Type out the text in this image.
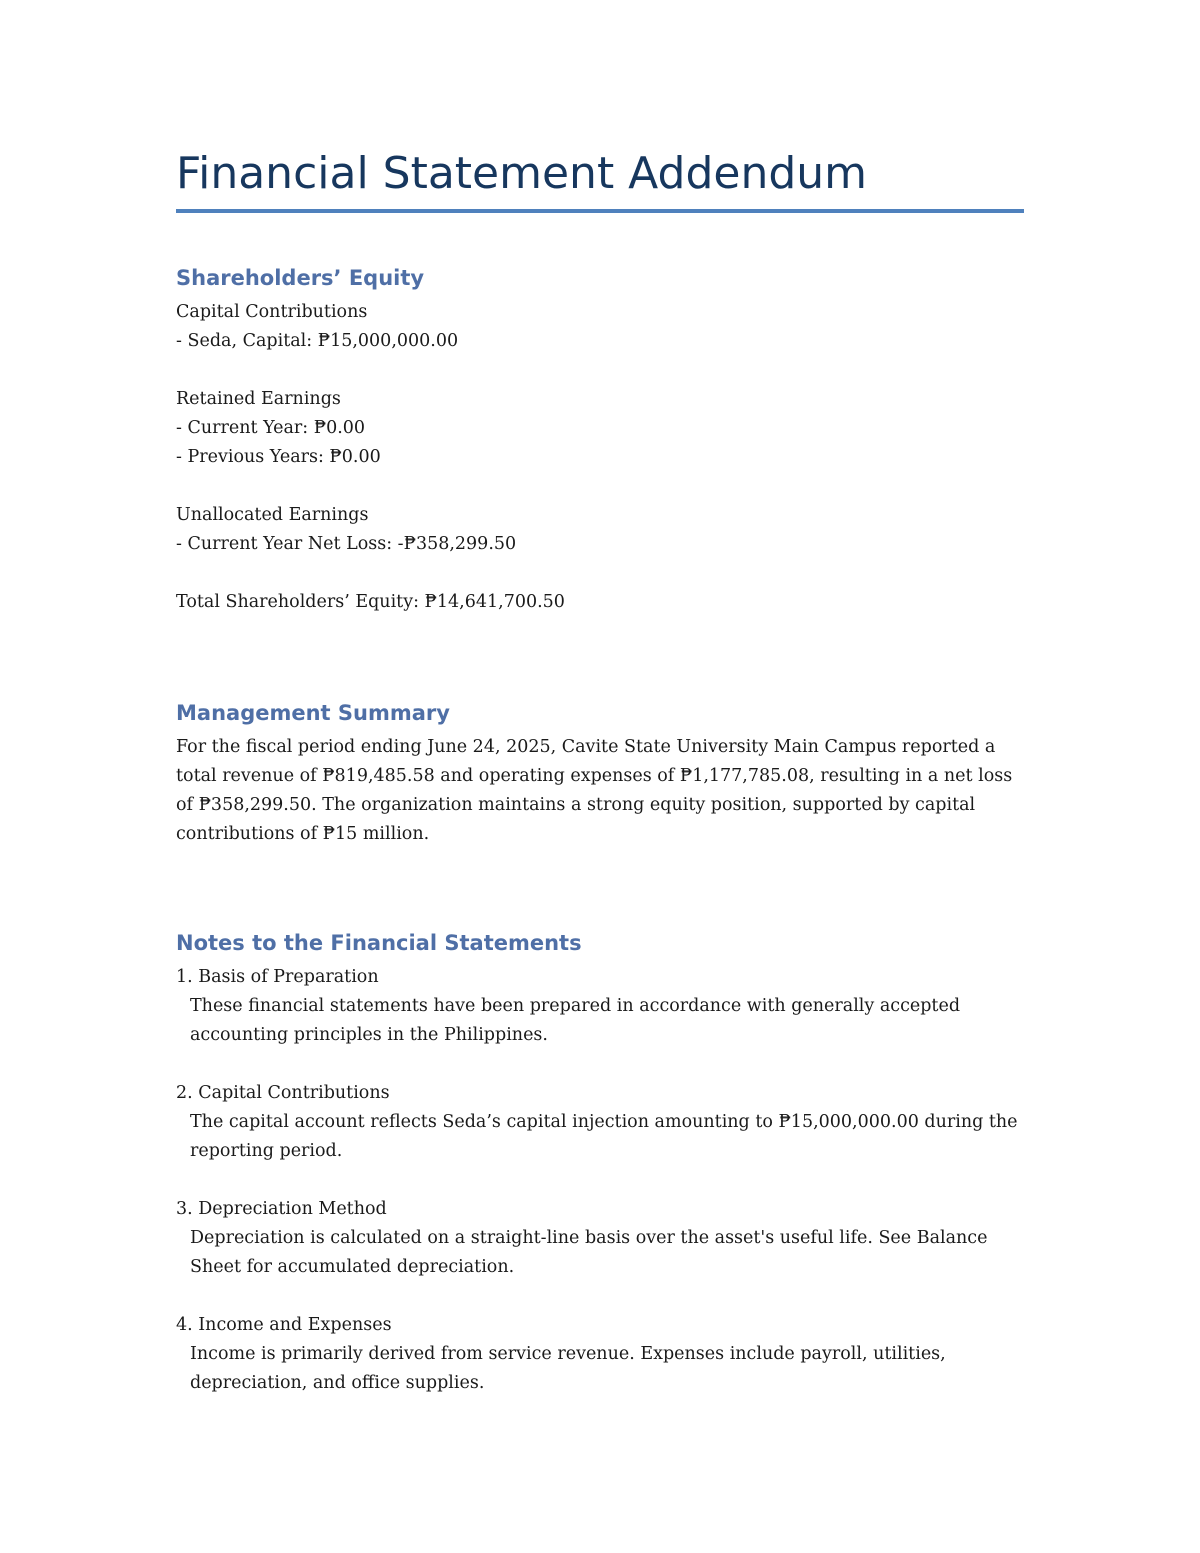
Financial Statement Addendum
Shareholders’ Equity
Capital Contributions
- Seda, Capital: ₱15,000,000.00
Retained Earnings
- Current Year: ₱0.00
- Previous Years: ₱0.00
Unallocated Earnings
- Current Year Net Loss: -₱358,299.50
Total Shareholders’ Equity: ₱14,641,700.50
Management Summary
For the fiscal period ending June 24, 2025, Cavite State University Main Campus reported a total revenue of ₱819,485.58 and operating expenses of ₱1,177,785.08, resulting in a net loss of ₱358,299.50. The organization maintains a strong equity position, supported by capital contributions of ₱15 million.
Notes to the Financial Statements
1. Basis of Preparation
These financial statements have been prepared in accordance with generally accepted accounting principles in the Philippines.
2. Capital Contributions
The capital account reflects Seda’s capital injection amounting to ₱15,000,000.00 during the reporting period.
3. Depreciation Method
Depreciation is calculated on a straight-line basis over the asset's useful life. See Balance Sheet for accumulated depreciation.
4. Income and Expenses
Income is primarily derived from service revenue. Expenses include payroll, utilities, depreciation, and office supplies.
